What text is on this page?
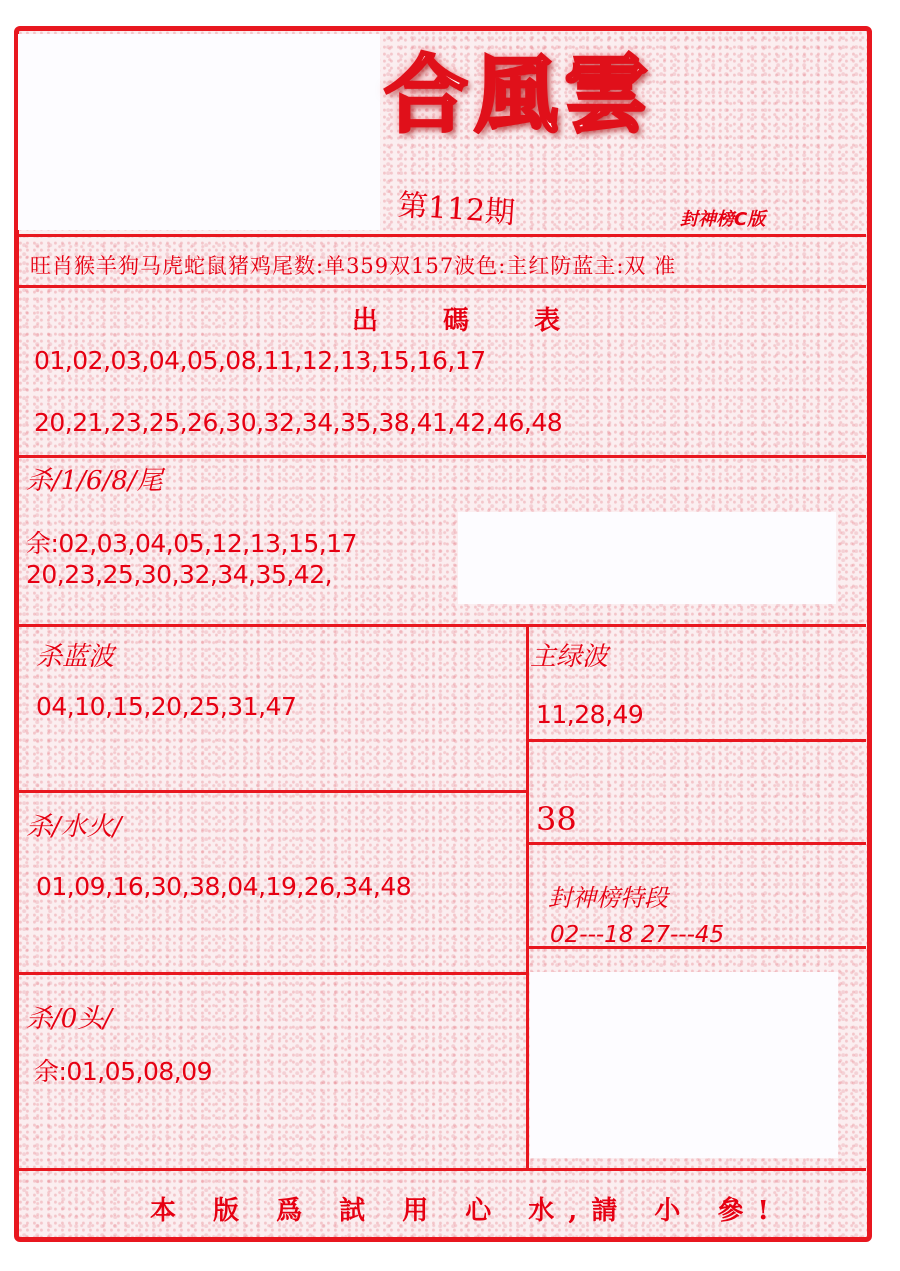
合風雲
第112期	封神榜C版
旺肖猴羊狗马虎蛇鼠猪鸡尾数:单359双157波色:主红防蓝主:双 准
出 碼 表
01,02,03,04,05,08,11,12,13,15,16,17
20,21,23,25,26,30,32,34,35,38,41,42,46,48
杀/1/6/8/尾
余:02,03,04,05,12,13,15,17
20,23,25,30,32,34,35,42,
杀蓝波
04,10,15,20,25,31,47
主绿波
11,28,49
38
杀/水火/
01,09,16,30,38,04,19,26,34,48	封神榜特段
02---18 27---45
杀/0头/
余:01,05,08,09
本 版 爲 試 用 心 水,請 小 參!
